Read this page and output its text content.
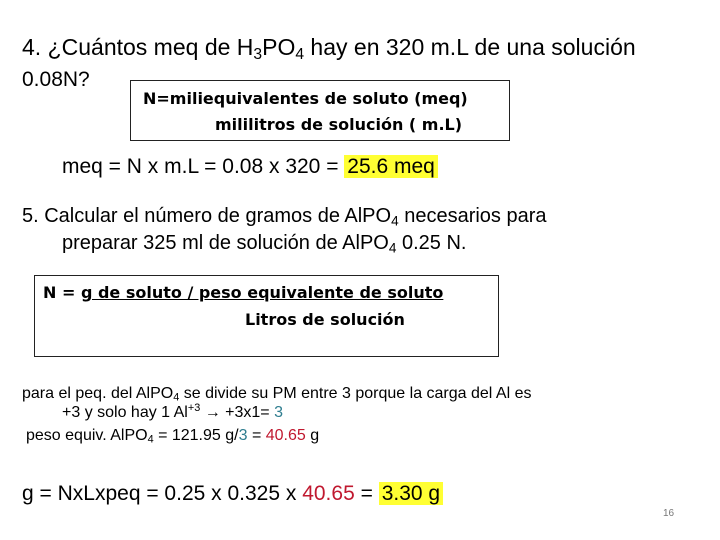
4. ¿Cuántos meq de $H_3PO_4$ hay en 320 m.L de una solución
0.08N?
N=miliequivalentes de soluto (meq)
mililitros de solución ( m.L)
meq = N x m.L = 0.08 x 320 = 25.6 meq
5. Calcular el número de gramos de AlPO$_4$ necesarios para
preparar 325 ml de solución de AlPO$_4$ 0.25 N.
N = g de soluto / peso equivalente de soluto
Litros de solución
para el peq. del AlPO$_4$ se divide su PM entre 3 porque la carga del Al es
+3 y solo hay 1 $Al^{+3} \to +3x1= 3$
peso equiv. AlPO$_4$ = 121.95 g/3 = 40.65 g
g = NxLxpeq = 0.25 x 0.325 x 40.65 = 3.30 g
16
